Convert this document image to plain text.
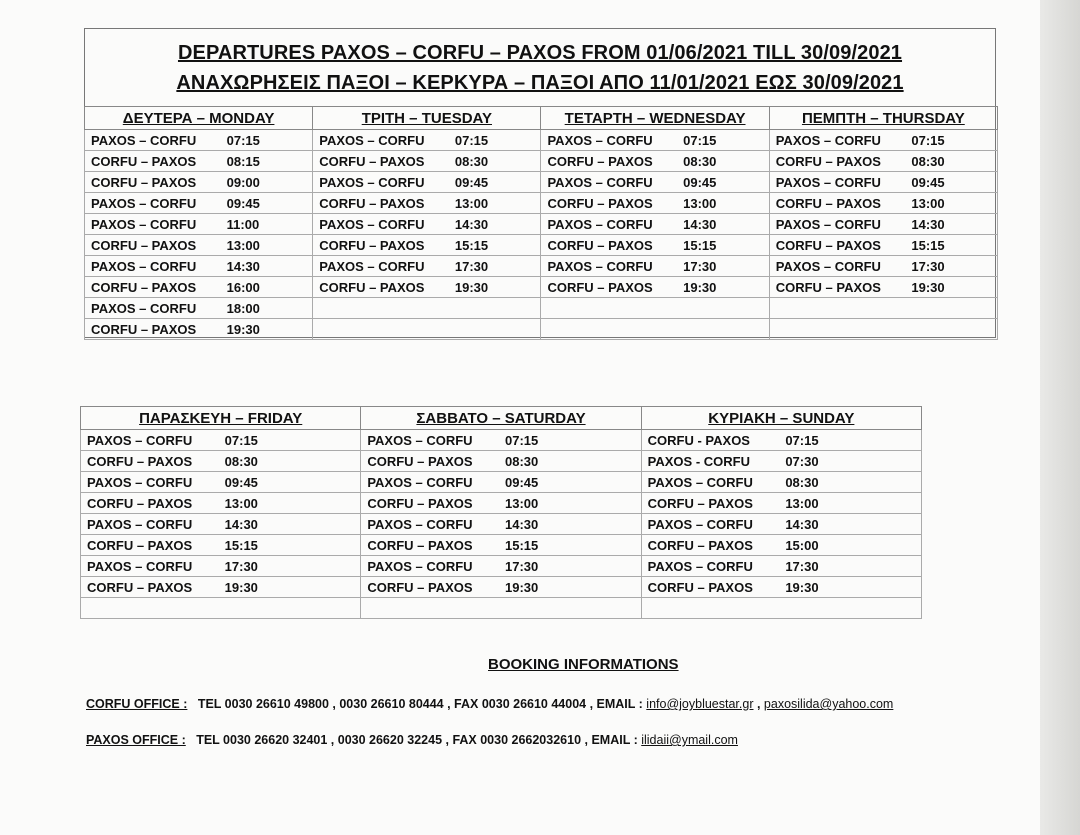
DEPARTURES PAXOS – CORFU – PAXOS FROM 01/06/2021 TILL 30/09/2021
ΑΝΑΧΩΡΗΣΕΙΣ ΠΑΞΟΙ – ΚΕΡΚΥΡΑ – ΠΑΞΟΙ ΑΠΟ 11/01/2021 ΕΩΣ 30/09/2021
ΔΕΥΤΕΡΑ – MONDAY		ΤΡΙΤΗ – TUESDAY		ΤΕΤΑΡΤΗ – WEDNESDAY		ΠΕΜΠΤΗ – THURSDAY	
PAXOS – CORFU	07:15	PAXOS – CORFU	07:15	PAXOS – CORFU	07:15	PAXOS – CORFU	07:15
CORFU – PAXOS	08:15	CORFU – PAXOS	08:30	CORFU – PAXOS	08:30	CORFU – PAXOS	08:30
CORFU – PAXOS	09:00	PAXOS – CORFU	09:45	PAXOS – CORFU	09:45	PAXOS – CORFU	09:45
PAXOS – CORFU	09:45	CORFU – PAXOS	13:00	CORFU – PAXOS	13:00	CORFU – PAXOS	13:00
PAXOS – CORFU	11:00	PAXOS – CORFU	14:30	PAXOS – CORFU	14:30	PAXOS – CORFU	14:30
CORFU – PAXOS	13:00	CORFU – PAXOS	15:15	CORFU – PAXOS	15:15	CORFU – PAXOS	15:15
PAXOS – CORFU	14:30	PAXOS – CORFU	17:30	PAXOS – CORFU	17:30	PAXOS – CORFU	17:30
CORFU – PAXOS	16:00	CORFU – PAXOS	19:30	CORFU – PAXOS	19:30	CORFU – PAXOS	19:30
PAXOS – CORFU	18:00						
CORFU – PAXOS	19:30						
ΠΑΡΑΣΚΕΥΗ – FRIDAY		ΣΑΒΒΑΤΟ – SATURDAY		ΚΥΡΙΑΚΗ – SUNDAY	
PAXOS – CORFU	07:15	PAXOS – CORFU	07:15	CORFU - PAXOS	07:15
CORFU – PAXOS	08:30	CORFU – PAXOS	08:30	PAXOS - CORFU	07:30
PAXOS – CORFU	09:45	PAXOS – CORFU	09:45	PAXOS – CORFU	08:30
CORFU – PAXOS	13:00	CORFU – PAXOS	13:00	CORFU – PAXOS	13:00
PAXOS – CORFU	14:30	PAXOS – CORFU	14:30	PAXOS – CORFU	14:30
CORFU – PAXOS	15:15	CORFU – PAXOS	15:15	CORFU – PAXOS	15:00
PAXOS – CORFU	17:30	PAXOS – CORFU	17:30	PAXOS – CORFU	17:30
CORFU – PAXOS	19:30	CORFU – PAXOS	19:30	CORFU – PAXOS	19:30

BOOKING INFORMATIONS
CORFU OFFICE : TEL 0030 26610 49800 , 0030 26610 80444 , FAX 0030 26610 44004 , EMAIL : info@joybluestar.gr , paxosilida@yahoo.com
PAXOS OFFICE : TEL 0030 26620 32401 , 0030 26620 32245 , FAX 0030 2662032610 , EMAIL : ilidaii@ymail.com
